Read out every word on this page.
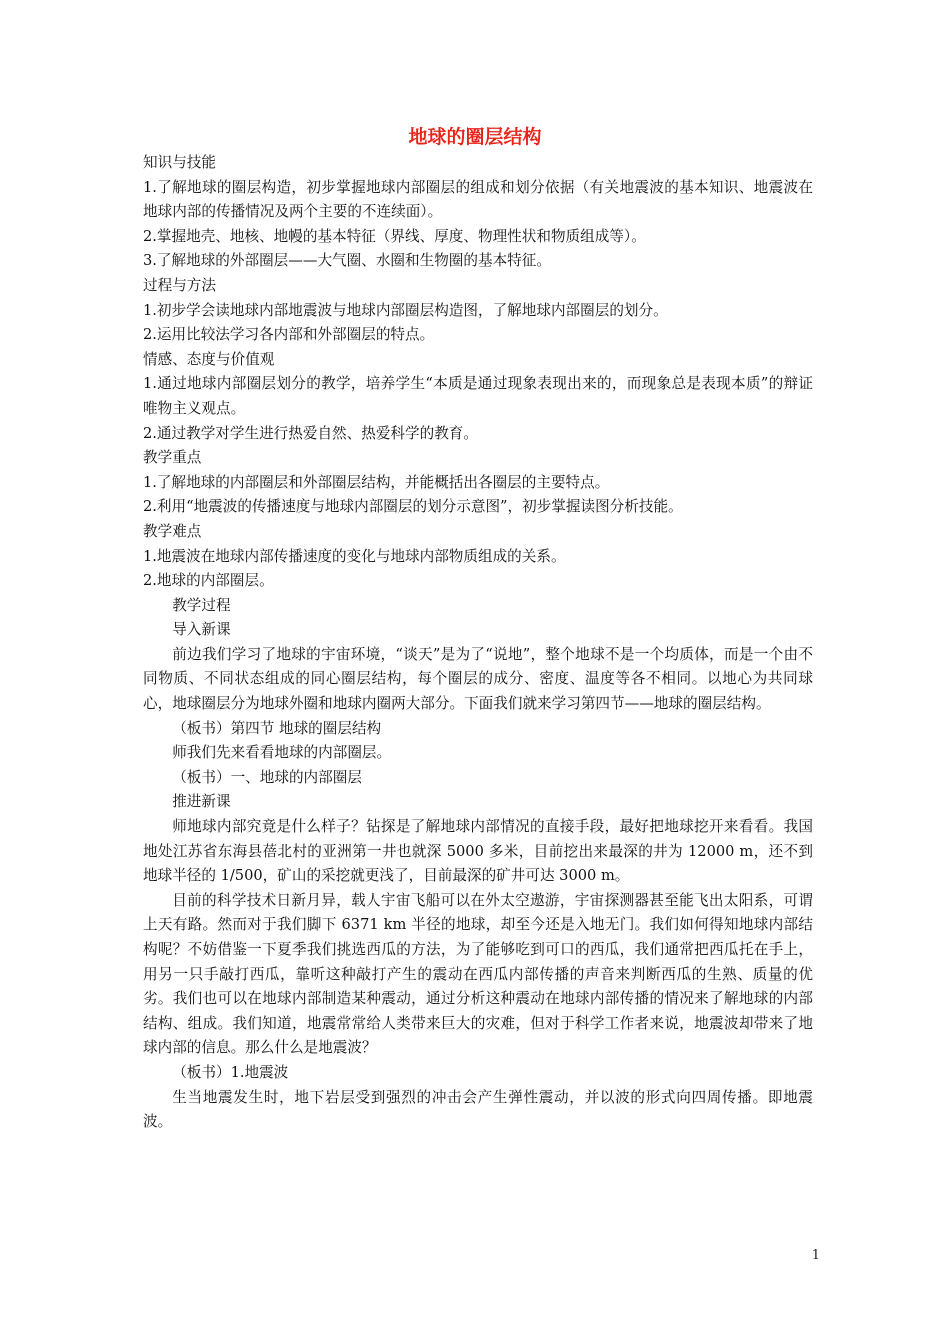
地球的圈层结构

知识与技能

1.了解地球的圈层构造，初步掌握地球内部圈层的组成和划分依据（有关地震波的基本知识、地震波在地球内部的传播情况及两个主要的不连续面）。

2.掌握地壳、地核、地幔的基本特征（界线、厚度、物理性状和物质组成等）。

3.了解地球的外部圈层——大气圈、水圈和生物圈的基本特征。

过程与方法

1.初步学会读地球内部地震波与地球内部圈层构造图，了解地球内部圈层的划分。

2.运用比较法学习各内部和外部圈层的特点。

情感、态度与价值观

1.通过地球内部圈层划分的教学，培养学生“本质是通过现象表现出来的，而现象总是表现本质”的辩证唯物主义观点。

2.通过教学对学生进行热爱自然、热爱科学的教育。

教学重点

1.了解地球的内部圈层和外部圈层结构，并能概括出各圈层的主要特点。

2.利用“地震波的传播速度与地球内部圈层的划分示意图”，初步掌握读图分析技能。

教学难点

1.地震波在地球内部传播速度的变化与地球内部物质组成的关系。

2.地球的内部圈层。

教学过程

导入新课

前边我们学习了地球的宇宙环境，“谈天”是为了“说地”，整个地球不是一个均质体，而是一个由不同物质、不同状态组成的同心圈层结构，每个圈层的成分、密度、温度等各不相同。以地心为共同球心，地球圈层分为地球外圈和地球内圈两大部分。下面我们就来学习第四节——地球的圈层结构。

（板书）第四节 地球的圈层结构

师我们先来看看地球的内部圈层。

（板书）一、地球的内部圈层

推进新课

师地球内部究竟是什么样子？钻探是了解地球内部情况的直接手段，最好把地球挖开来看看。我国地处江苏省东海县蓓北村的亚洲第一井也就深 5000 多米，目前挖出来最深的井为 12000 m，还不到地球半径的 1/500，矿山的采挖就更浅了，目前最深的矿井可达 3000 m。

目前的科学技术日新月异，载人宇宙飞船可以在外太空遨游，宇宙探测器甚至能飞出太阳系，可谓上天有路。然而对于我们脚下 6371 km 半径的地球，却至今还是入地无门。我们如何得知地球内部结构呢？不妨借鉴一下夏季我们挑选西瓜的方法，为了能够吃到可口的西瓜，我们通常把西瓜托在手上，用另一只手敲打西瓜，靠听这种敲打产生的震动在西瓜内部传播的声音来判断西瓜的生熟、质量的优劣。我们也可以在地球内部制造某种震动，通过分析这种震动在地球内部传播的情况来了解地球的内部结构、组成。我们知道，地震常常给人类带来巨大的灾难，但对于科学工作者来说，地震波却带来了地球内部的信息。那么什么是地震波？

（板书）1.地震波

生当地震发生时，地下岩层受到强烈的冲击会产生弹性震动，并以波的形式向四周传播。即地震波。

1
